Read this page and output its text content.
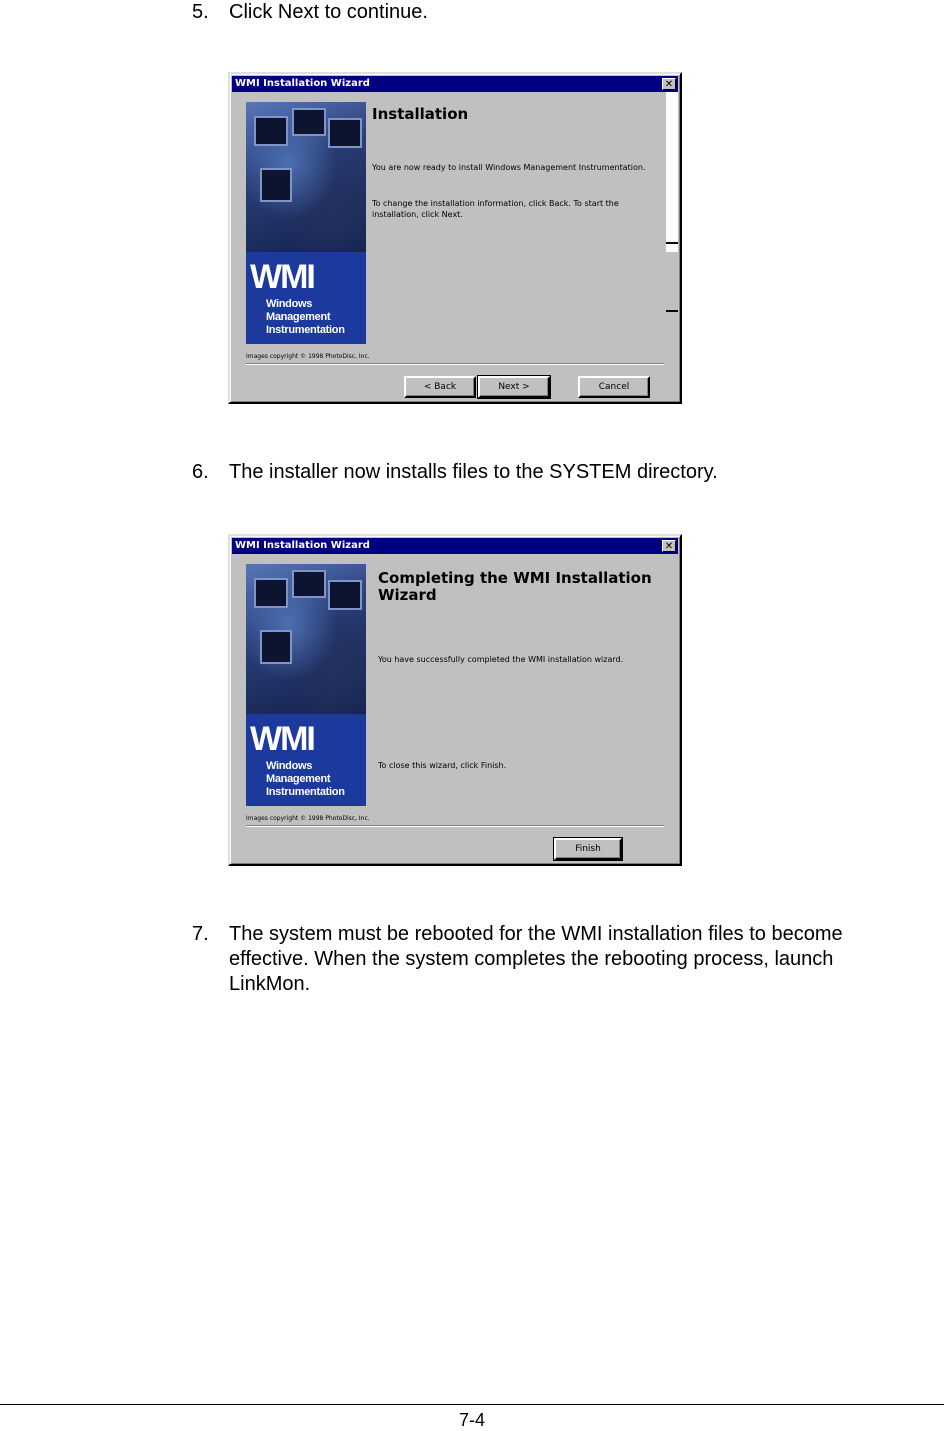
5. Click Next to continue.
WMI Installation Wizard	✕
WMI
Windows
Management
Instrumentation
Images copyright © 1998 PhotoDisc, Inc.
Installation
You are now ready to install Windows Management Instrumentation.
To change the installation information, click Back. To start the installation, click Next.
< Back	Next >	Cancel
6. The installer now installs files to the SYSTEM directory.
WMI Installation Wizard	✕
WMI
Windows
Management
Instrumentation
Images copyright © 1998 PhotoDisc, Inc.
Completing the WMI Installation Wizard
You have successfully completed the WMI installation wizard.
To close this wizard, click Finish.
Finish
7. The system must be rebooted for the WMI installation files to become effective. When the system completes the rebooting process, launch LinkMon.
7-4
